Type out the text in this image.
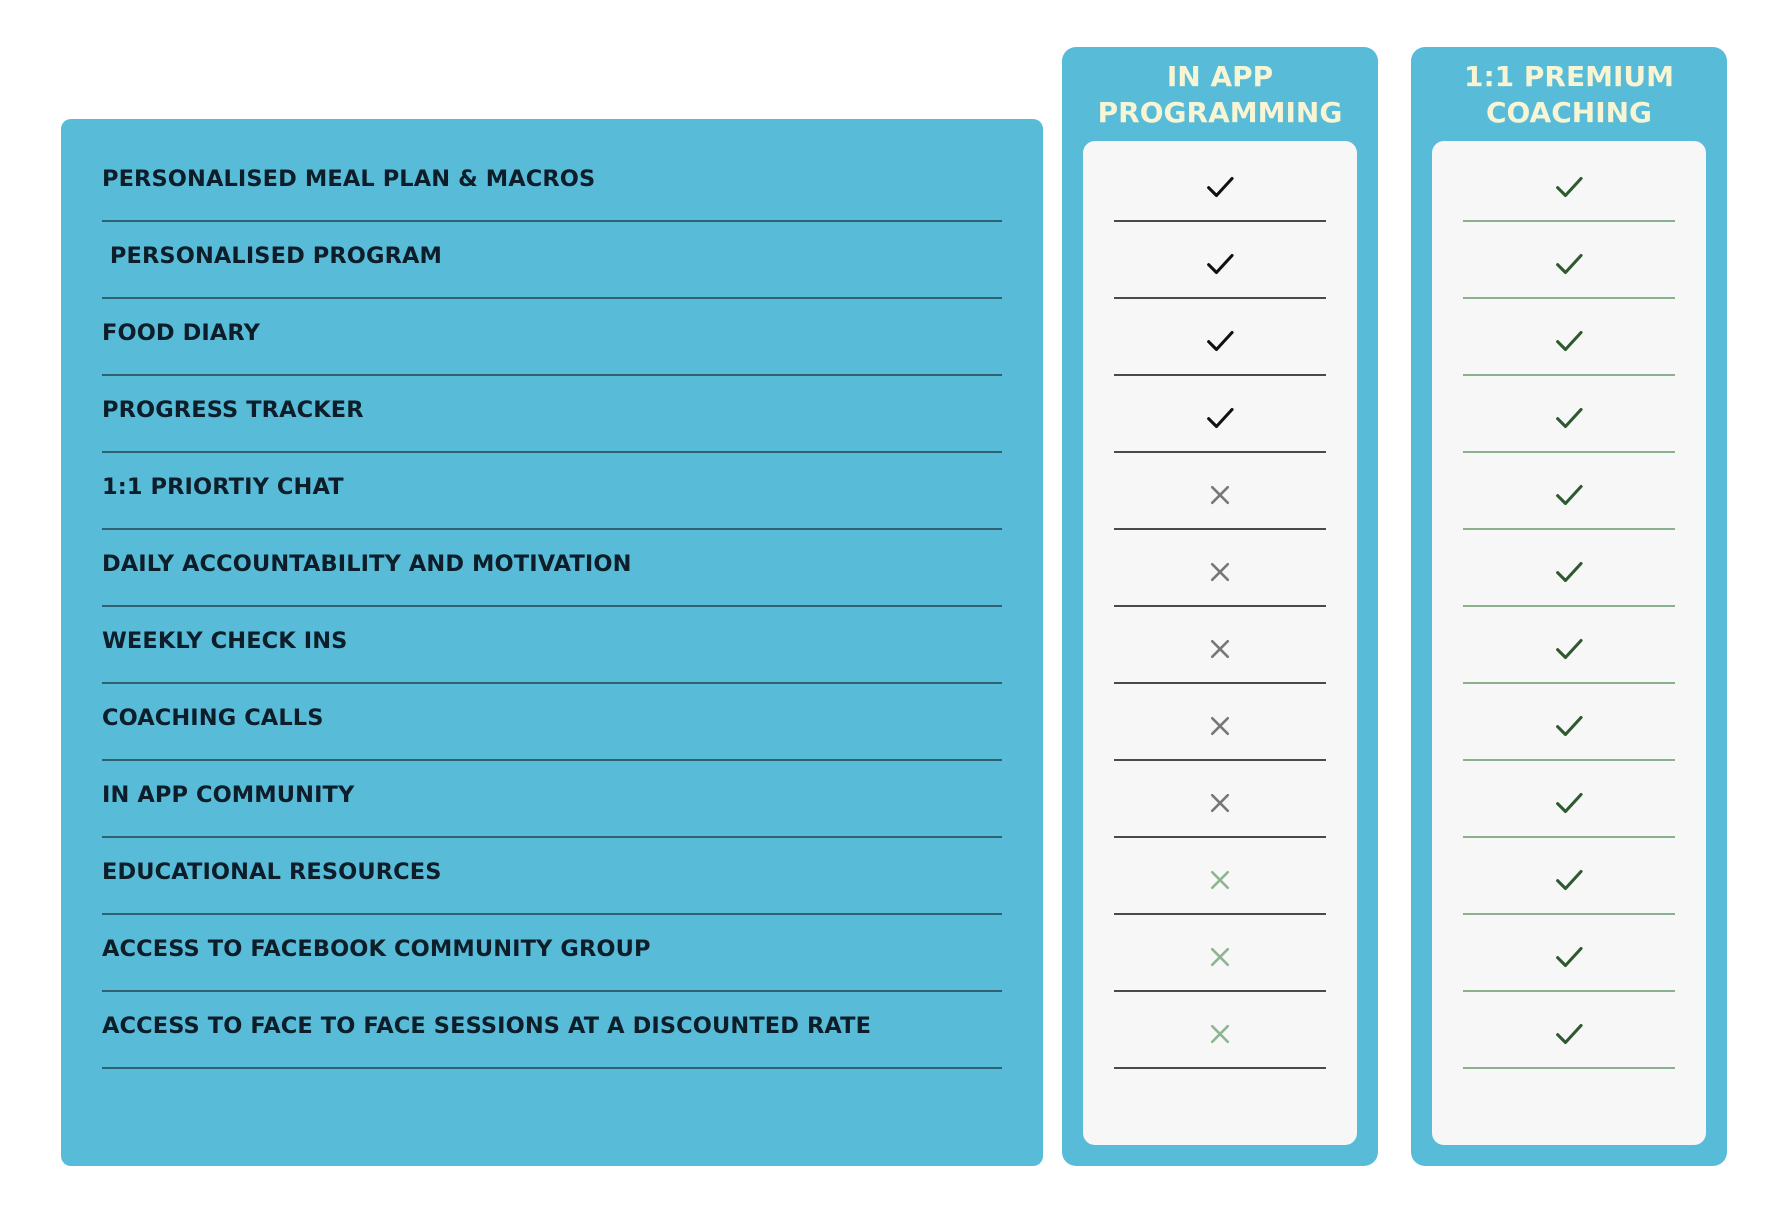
PERSONALISED MEAL PLAN & MACROS
PERSONALISED PROGRAM
FOOD DIARY
PROGRESS TRACKER
1:1 PRIORTIY CHAT
DAILY ACCOUNTABILITY AND MOTIVATION
WEEKLY CHECK INS
COACHING CALLS
IN APP COMMUNITY
EDUCATIONAL RESOURCES
ACCESS TO FACEBOOK COMMUNITY GROUP
ACCESS TO FACE TO FACE SESSIONS AT A DISCOUNTED RATE
IN APP
PROGRAMMING
1:1 PREMIUM
COACHING
